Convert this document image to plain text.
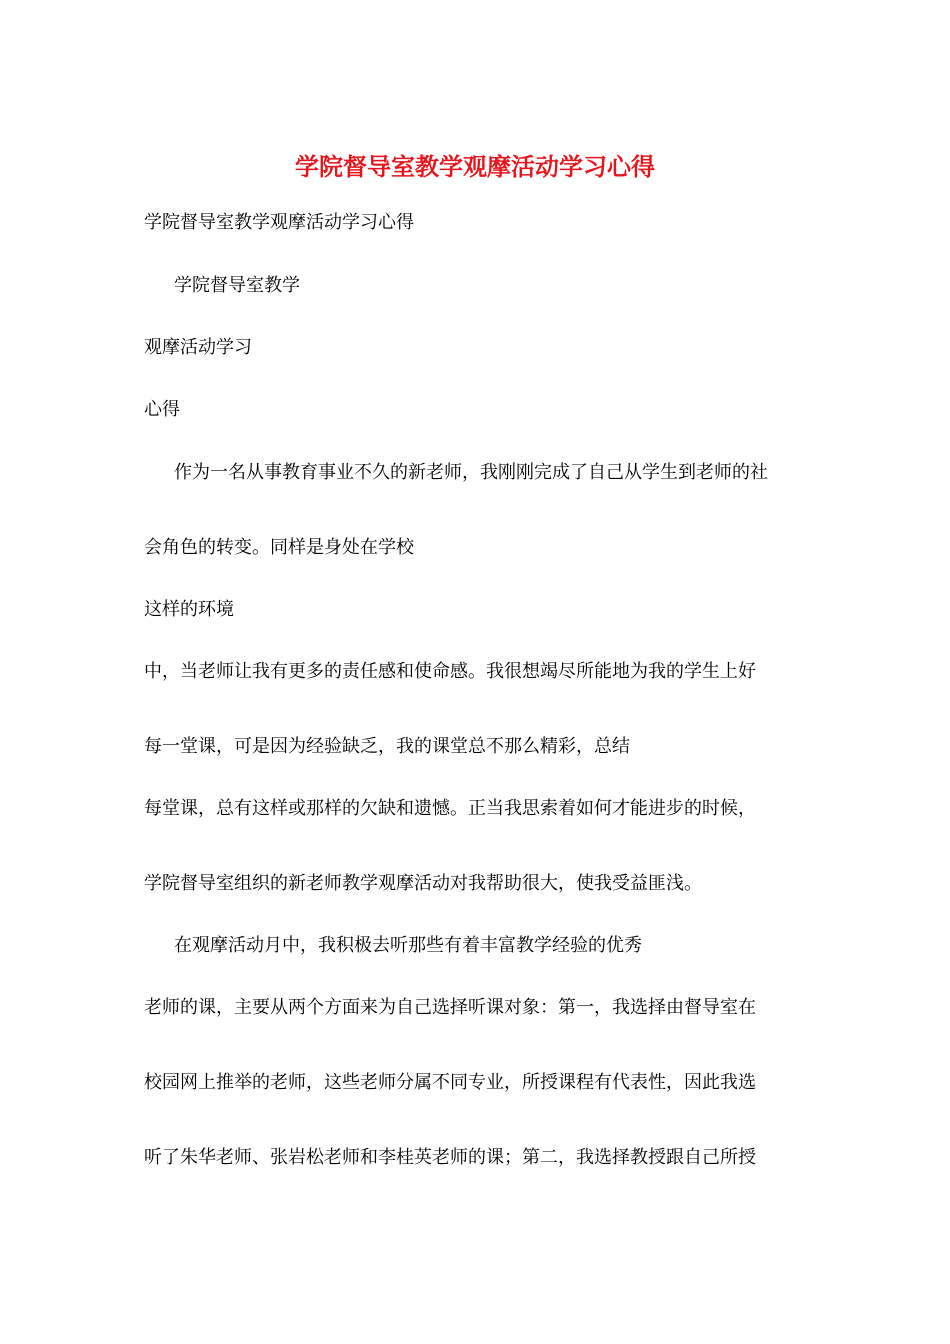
学院督导室教学观摩活动学习心得
学院督导室教学观摩活动学习心得
学院督导室教学
观摩活动学习
心得
作为一名从事教育事业不久的新老师，我刚刚完成了自己从学生到老师的社
会角色的转变。同样是身处在学校
这样的环境
中，当老师让我有更多的责任感和使命感。我很想竭尽所能地为我的学生上好
每一堂课，可是因为经验缺乏，我的课堂总不那么精彩，总结
每堂课，总有这样或那样的欠缺和遗憾。正当我思索着如何才能进步的时候，
学院督导室组织的新老师教学观摩活动对我帮助很大，使我受益匪浅。
在观摩活动月中，我积极去听那些有着丰富教学经验的优秀
老师的课，主要从两个方面来为自己选择听课对象：第一，我选择由督导室在
校园网上推举的老师，这些老师分属不同专业，所授课程有代表性，因此我选
听了朱华老师、张岩松老师和李桂英老师的课；第二，我选择教授跟自己所授
